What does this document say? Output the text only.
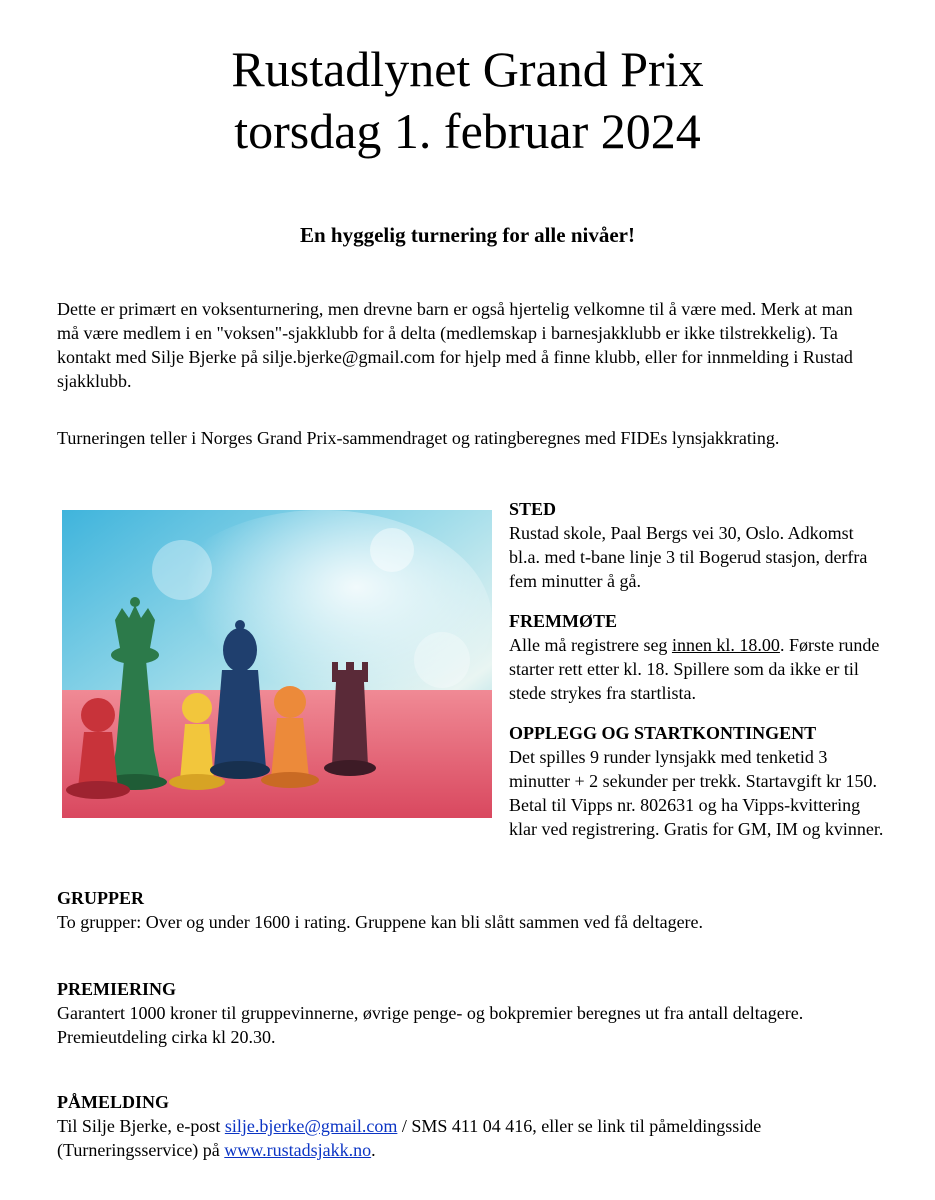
Rustadlynet Grand Prix
torsdag 1. februar 2024
En hyggelig turnering for alle nivåer!
Dette er primært en voksenturnering, men drevne barn er også hjertelig velkomne til å være med. Merk at man må være medlem i en "voksen"-sjakklubb for å delta (medlemskap i barnesjakklubb er ikke tilstrekkelig). Ta kontakt med Silje Bjerke på silje.bjerke@gmail.com for hjelp med å finne klubb, eller for innmelding i Rustad sjakklubb.
Turneringen teller i Norges Grand Prix-sammendraget og ratingberegnes med FIDEs lynsjakkrating.
STED
Rustad skole, Paal Bergs vei 30, Oslo. Adkomst bl.a. med t-bane linje 3 til Bogerud stasjon, derfra fem minutter å gå.
FREMMØTE
Alle må registrere seg innen kl. 18.00. Første runde starter rett etter kl. 18. Spillere som da ikke er til stede strykes fra startlista.
OPPLEGG OG STARTKONTINGENT
Det spilles 9 runder lynsjakk med tenketid 3 minutter + 2 sekunder per trekk. Startavgift kr 150. Betal til Vipps nr. 802631 og ha Vipps-kvittering klar ved registrering. Gratis for GM, IM og kvinner.
GRUPPER
To grupper: Over og under 1600 i rating. Gruppene kan bli slått sammen ved få deltagere.
PREMIERING
Garantert 1000 kroner til gruppevinnerne, øvrige penge- og bokpremier beregnes ut fra antall deltagere. Premieutdeling cirka kl 20.30.
PÅMELDING
Til Silje Bjerke, e-post silje.bjerke@gmail.com / SMS 411 04 416, eller se link til påmeldingsside (Turneringsservice) på www.rustadsjakk.no.
